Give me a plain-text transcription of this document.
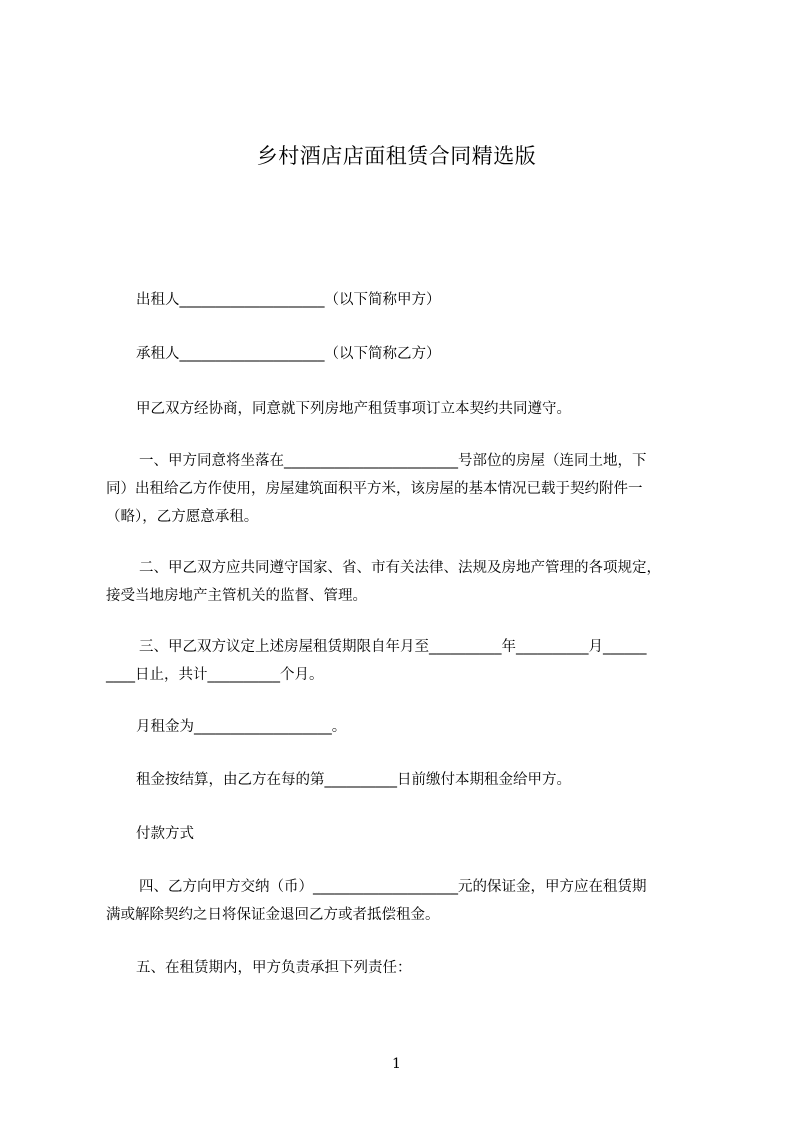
乡村酒店店面租赁合同精选版
出租人____________________（以下简称甲方）
承租人____________________（以下简称乙方）
甲乙双方经协商，同意就下列房地产租赁事项订立本契约共同遵守。
一、甲方同意将坐落在________________________号部位的房屋（连同土地，下
同）出租给乙方作使用，房屋建筑面积平方米，该房屋的基本情况已载于契约附件一
（略），乙方愿意承租。
二、甲乙双方应共同遵守国家、省、市有关法律、法规及房地产管理的各项规定，
接受当地房地产主管机关的监督、管理。
三、甲乙双方议定上述房屋租赁期限自年月至__________年__________月______
____日止，共计__________个月。
月租金为___________________。
租金按结算，由乙方在每的第__________日前缴付本期租金给甲方。
付款方式
四、乙方向甲方交纳（币）____________________元的保证金，甲方应在租赁期
满或解除契约之日将保证金退回乙方或者抵偿租金。
五、在租赁期内，甲方负责承担下列责任：
1
